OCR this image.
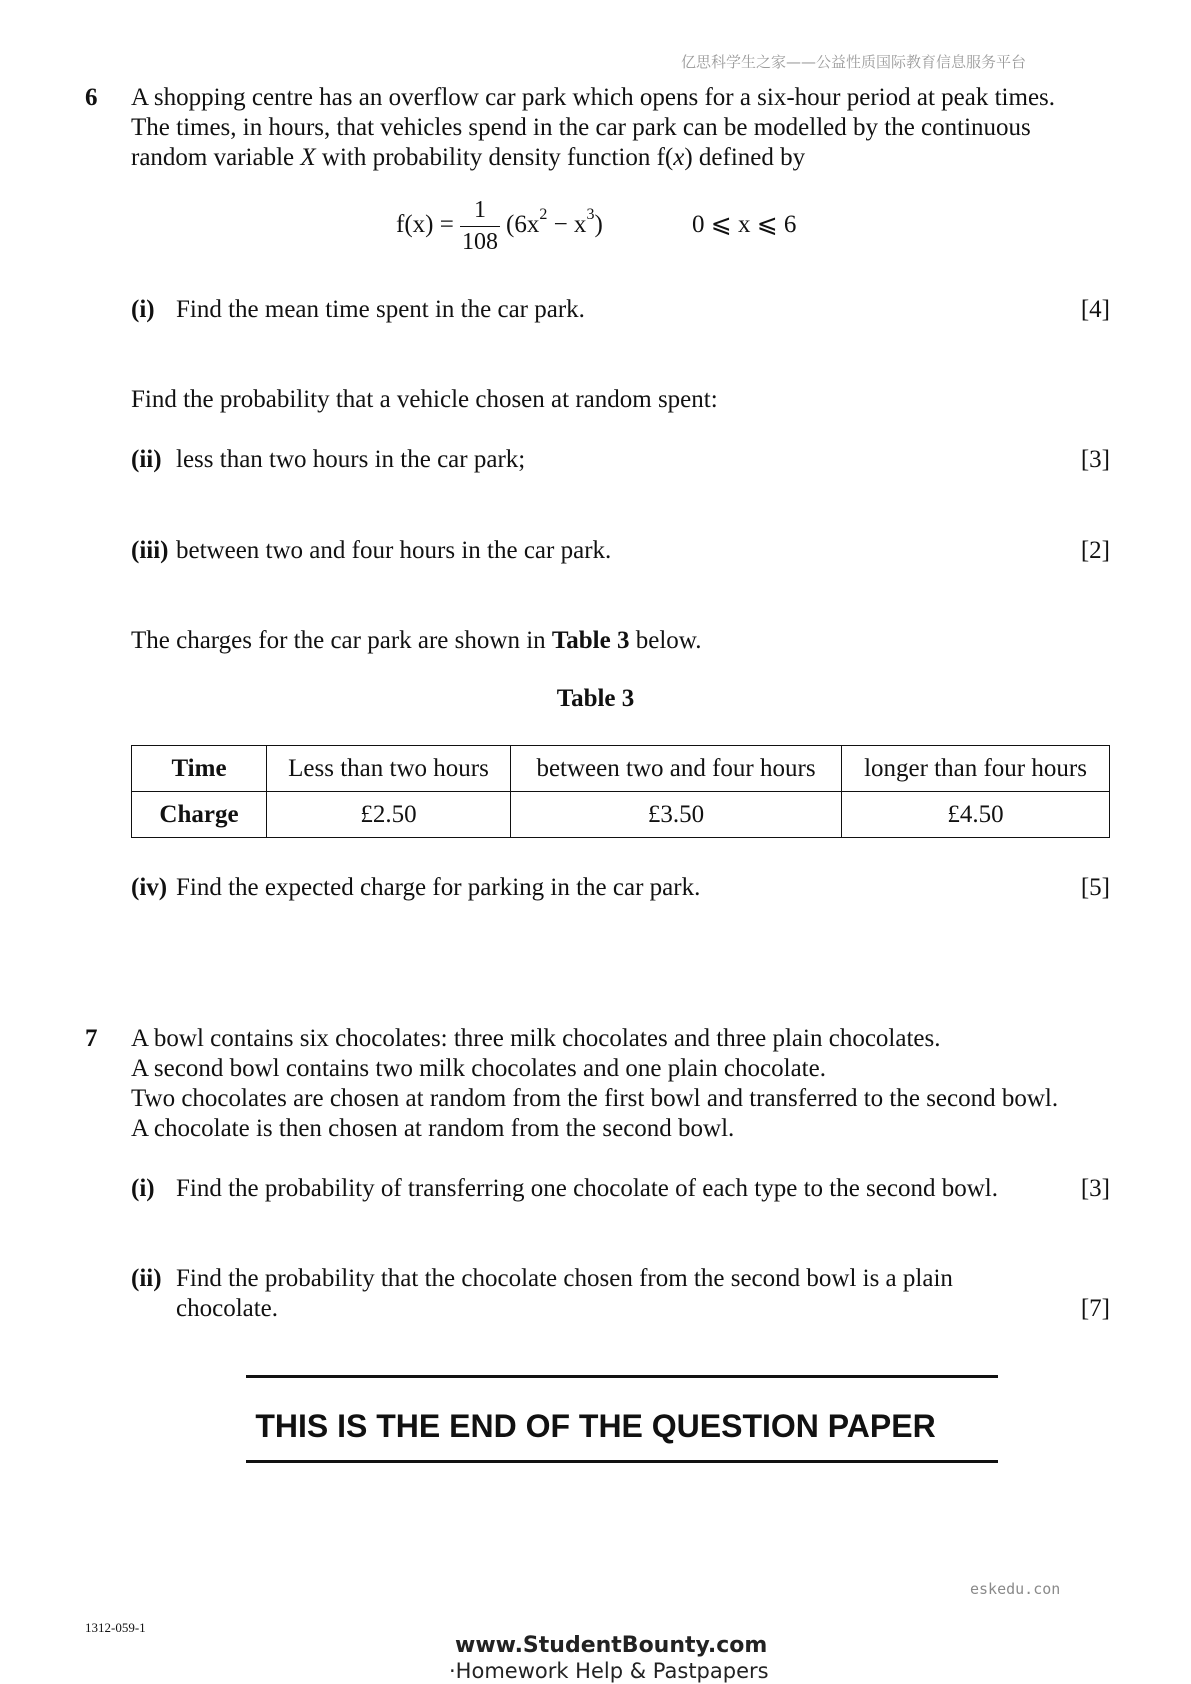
亿思科学生之家——公益性质国际教育信息服务平台
6 A shopping centre has an overflow car park which opens for a six-hour period at peak times.
The times, in hours, that vehicles spend in the car park can be modelled by the continuous
random variable X with probability density function f(x) defined by
f(x) =
1
108
$(6x^2 - x^3)$	0 ⩽ x ⩽ 6
(i) Find the mean time spent in the car park.	[4]
Find the probability that a vehicle chosen at random spent:
(ii) less than two hours in the car park;	[3]
(iii) between two and four hours in the car park.	[2]
The charges for the car park are shown in Table 3 below.
Table 3
Time	Less than two hours	between two and four hours	longer than four hours
Charge	£2.50	£3.50	£4.50
(iv) Find the expected charge for parking in the car park.	[5]
7 A bowl contains six chocolates: three milk chocolates and three plain chocolates.
A second bowl contains two milk chocolates and one plain chocolate.
Two chocolates are chosen at random from the first bowl and transferred to the second bowl.
A chocolate is then chosen at random from the second bowl.
(i) Find the probability of transferring one chocolate of each type to the second bowl.	[3]
(ii) Find the probability that the chocolate chosen from the second bowl is a plain
chocolate.	[7]
THIS IS THE END OF THE QUESTION PAPER
eskedu.con
1312-059-1
www.StudentBounty.com
·Homework Help & Pastpapers
